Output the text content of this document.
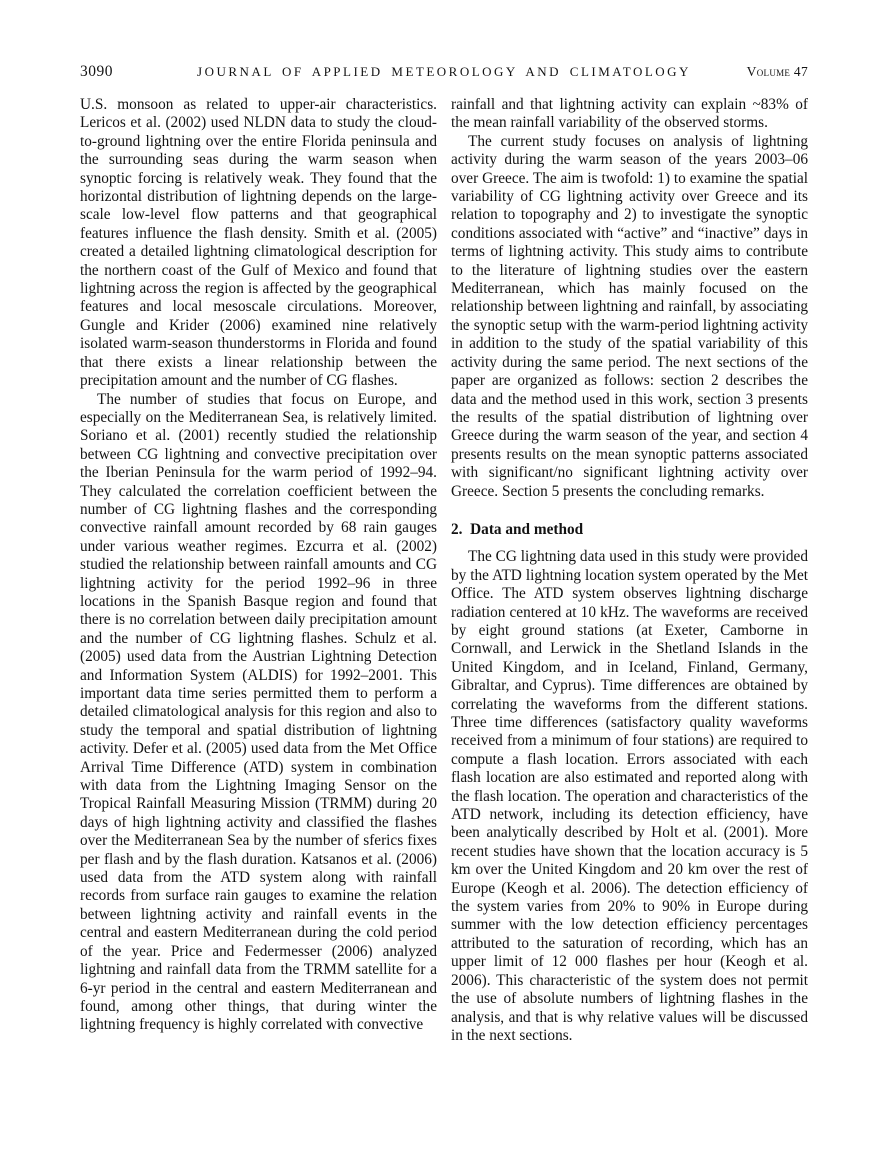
3090	JOURNAL OF APPLIED METEOROLOGY AND CLIMATOLOGY	Volume 47

U.S. monsoon as related to upper-air characteristics. Lericos et al. (2002) used NLDN data to study the cloud-to-ground lightning over the entire Florida peninsula and the surrounding seas during the warm season when synoptic forcing is relatively weak. They found that the horizontal distribution of lightning depends on the large-scale low-level flow patterns and that geographical features influence the flash density. Smith et al. (2005) created a detailed lightning climatological description for the northern coast of the Gulf of Mexico and found that lightning across the region is affected by the geographical features and local mesoscale circulations. Moreover, Gungle and Krider (2006) examined nine relatively isolated warm-season thunderstorms in Florida and found that there exists a linear relationship between the precipitation amount and the number of CG flashes.

The number of studies that focus on Europe, and especially on the Mediterranean Sea, is relatively limited. Soriano et al. (2001) recently studied the relationship between CG lightning and convective precipitation over the Iberian Peninsula for the warm period of 1992–94. They calculated the correlation coefficient between the number of CG lightning flashes and the corresponding convective rainfall amount recorded by 68 rain gauges under various weather regimes. Ezcurra et al. (2002) studied the relationship between rainfall amounts and CG lightning activity for the period 1992–96 in three locations in the Spanish Basque region and found that there is no correlation between daily precipitation amount and the number of CG lightning flashes. Schulz et al. (2005) used data from the Austrian Lightning Detection and Information System (ALDIS) for 1992–2001. This important data time series permitted them to perform a detailed climatological analysis for this region and also to study the temporal and spatial distribution of lightning activity. Defer et al. (2005) used data from the Met Office Arrival Time Difference (ATD) system in combination with data from the Lightning Imaging Sensor on the Tropical Rainfall Measuring Mission (TRMM) during 20 days of high lightning activity and classified the flashes over the Mediterranean Sea by the number of sferics fixes per flash and by the flash duration. Katsanos et al. (2006) used data from the ATD system along with rainfall records from surface rain gauges to examine the relation between lightning activity and rainfall events in the central and eastern Mediterranean during the cold period of the year. Price and Federmesser (2006) analyzed lightning and rainfall data from the TRMM satellite for a 6-yr period in the central and eastern Mediterranean and found, among other things, that during winter the lightning frequency is highly correlated with convective

rainfall and that lightning activity can explain ~83% of the mean rainfall variability of the observed storms.

The current study focuses on analysis of lightning activity during the warm season of the years 2003–06 over Greece. The aim is twofold: 1) to examine the spatial variability of CG lightning activity over Greece and its relation to topography and 2) to investigate the synoptic conditions associated with “active” and “inactive” days in terms of lightning activity. This study aims to contribute to the literature of lightning studies over the eastern Mediterranean, which has mainly focused on the relationship between lightning and rainfall, by associating the synoptic setup with the warm-period lightning activity in addition to the study of the spatial variability of this activity during the same period. The next sections of the paper are organized as follows: section 2 describes the data and the method used in this work, section 3 presents the results of the spatial distribution of lightning over Greece during the warm season of the year, and section 4 presents results on the mean synoptic patterns associated with significant/no significant lightning activity over Greece. Section 5 presents the concluding remarks.

2.  Data and method

The CG lightning data used in this study were provided by the ATD lightning location system operated by the Met Office. The ATD system observes lightning discharge radiation centered at 10 kHz. The waveforms are received by eight ground stations (at Exeter, Camborne in Cornwall, and Lerwick in the Shetland Islands in the United Kingdom, and in Iceland, Finland, Germany, Gibraltar, and Cyprus). Time differences are obtained by correlating the waveforms from the different stations. Three time differences (satisfactory quality waveforms received from a minimum of four stations) are required to compute a flash location. Errors associated with each flash location are also estimated and reported along with the flash location. The operation and characteristics of the ATD network, including its detection efficiency, have been analytically described by Holt et al. (2001). More recent studies have shown that the location accuracy is 5 km over the United Kingdom and 20 km over the rest of Europe (Keogh et al. 2006). The detection efficiency of the system varies from 20% to 90% in Europe during summer with the low detection efficiency percentages attributed to the saturation of recording, which has an upper limit of 12 000 flashes per hour (Keogh et al. 2006). This characteristic of the system does not permit the use of absolute numbers of lightning flashes in the analysis, and that is why relative values will be discussed in the next sections.
